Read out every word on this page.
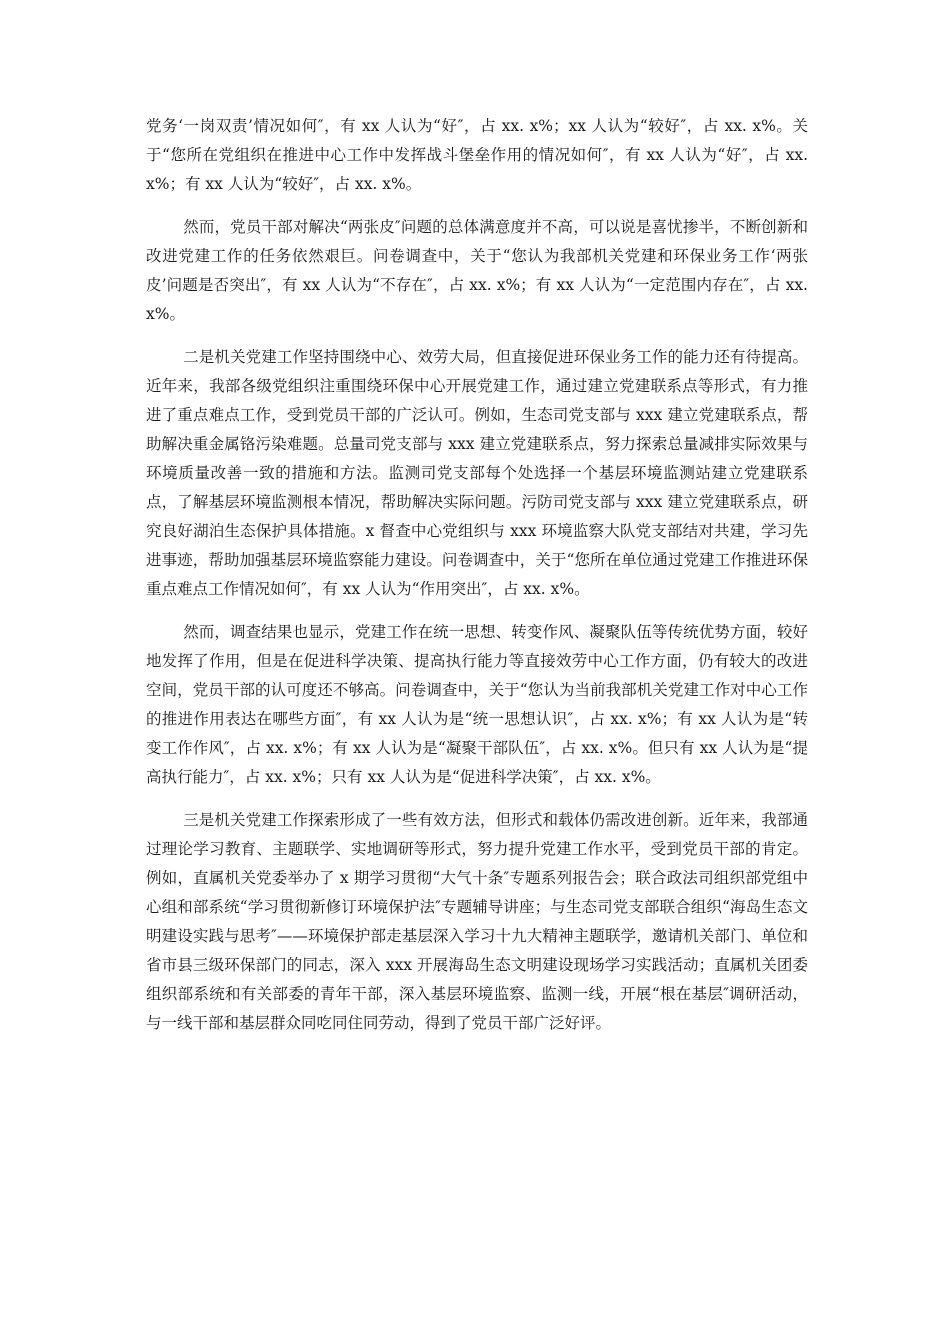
党务‘一岗双责’情况如何″，有 xx 人认为“好″，占 xx. x%；xx 人认为“较好″，占 xx. x%。关于“您所在党组织在推进中心工作中发挥战斗堡垒作用的情况如何″，有 xx 人认为“好″，占 xx. x%；有 xx 人认为“较好″，占 xx. x%。

然而，党员干部对解决“两张皮″问题的总体满意度并不高，可以说是喜忧掺半，不断创新和改进党建工作的任务依然艰巨。问卷调查中，关于“您认为我部机关党建和环保业务工作‘两张皮’问题是否突出″，有 xx 人认为“不存在″，占 xx. x%；有 xx 人认为“一定范围内存在″，占 xx. x%。

二是机关党建工作坚持围绕中心、效劳大局，但直接促进环保业务工作的能力还有待提高。近年来，我部各级党组织注重围绕环保中心开展党建工作，通过建立党建联系点等形式，有力推进了重点难点工作，受到党员干部的广泛认可。例如，生态司党支部与 xxx 建立党建联系点，帮助解决重金属铬污染难题。总量司党支部与 xxx 建立党建联系点，努力探索总量减排实际效果与环境质量改善一致的措施和方法。监测司党支部每个处选择一个基层环境监测站建立党建联系点，了解基层环境监测根本情况，帮助解决实际问题。污防司党支部与 xxx 建立党建联系点，研究良好湖泊生态保护具体措施。x 督查中心党组织与 xxx 环境监察大队党支部结对共建，学习先进事迹，帮助加强基层环境监察能力建设。问卷调查中，关于“您所在单位通过党建工作推进环保重点难点工作情况如何″，有 xx 人认为“作用突出″，占 xx. x%。

然而，调查结果也显示，党建工作在统一思想、转变作风、凝聚队伍等传统优势方面，较好地发挥了作用，但是在促进科学决策、提高执行能力等直接效劳中心工作方面，仍有较大的改进空间，党员干部的认可度还不够高。问卷调查中，关于“您认为当前我部机关党建工作对中心工作的推进作用表达在哪些方面″，有 xx 人认为是“统一思想认识″，占 xx. x%；有 xx 人认为是“转变工作作风″，占 xx. x%；有 xx 人认为是“凝聚干部队伍″，占 xx. x%。但只有 xx 人认为是“提高执行能力″，占 xx. x%；只有 xx 人认为是“促进科学决策″，占 xx. x%。

三是机关党建工作探索形成了一些有效方法，但形式和载体仍需改进创新。近年来，我部通过理论学习教育、主题联学、实地调研等形式，努力提升党建工作水平，受到党员干部的肯定。例如，直属机关党委举办了 x 期学习贯彻“大气十条″专题系列报告会；联合政法司组织部党组中心组和部系统“学习贯彻新修订环境保护法″专题辅导讲座；与生态司党支部联合组织“海岛生态文明建设实践与思考″——环境保护部走基层深入学习十九大精神主题联学，邀请机关部门、单位和省市县三级环保部门的同志，深入 xxx 开展海岛生态文明建设现场学习实践活动；直属机关团委组织部系统和有关部委的青年干部，深入基层环境监察、监测一线，开展“根在基层″调研活动，与一线干部和基层群众同吃同住同劳动，得到了党员干部广泛好评。
